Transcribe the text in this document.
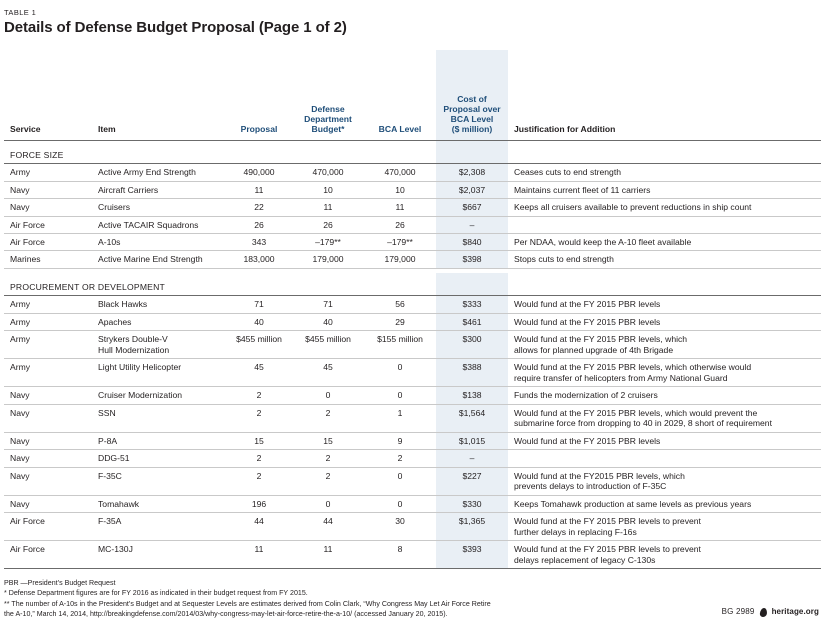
TABLE 1
Details of Defense Budget Proposal (Page 1 of 2)

Service	Item	Proposal	Defense
Department
Budget*	BCA Level	Cost of
Proposal over
BCA Level
($ million)	Justification for Addition
FORCE SIZE						
Army	Active Army End Strength	490,000	470,000	470,000	$2,308	Ceases cuts to end strength
Navy	Aircraft Carriers	11	10	10	$2,037	Maintains current fleet of 11 carriers
Navy	Cruisers	22	11	11	$667	Keeps all cruisers available to prevent reductions in ship count
Air Force	Active TACAIR Squadrons	26	26	26	–	
Air Force	A-10s	343	–179**	–179**	$840	Per NDAA, would keep the A-10 fleet available
Marines	Active Marine End Strength	183,000	179,000	179,000	$398	Stops cuts to end strength

PROCUREMENT OR DEVELOPMENT						
Army	Black Hawks	71	71	56	$333	Would fund at the FY 2015 PBR levels
Army	Apaches	40	40	29	$461	Would fund at the FY 2015 PBR levels
Army	Strykers Double-V
Hull Modernization	$455 million	$455 million	$155 million	$300	Would fund at the FY 2015 PBR levels, which
allows for planned upgrade of 4th Brigade
Army	Light Utility Helicopter	45	45	0	$388	Would fund at the FY 2015 PBR levels, which otherwise would
require transfer of helicopters from Army National Guard
Navy	Cruiser Modernization	2	0	0	$138	Funds the modernization of 2 cruisers
Navy	SSN	2	2	1	$1,564	Would fund at the FY 2015 PBR levels, which would prevent the
submarine force from dropping to 40 in 2029, 8 short of requirement
Navy	P-8A	15	15	9	$1,015	Would fund at the FY 2015 PBR levels
Navy	DDG-51	2	2	2	–	
Navy	F-35C	2	2	0	$227	Would fund at the FY2015 PBR levels, which
prevents delays to introduction of F-35C
Navy	Tomahawk	196	0	0	$330	Keeps Tomahawk production at same levels as previous years
Air Force	F-35A	44	44	30	$1,365	Would fund at the FY 2015 PBR levels to prevent
further delays in replacing F-16s
Air Force	MC-130J	11	11	8	$393	Would fund at the FY 2015 PBR levels to prevent
delays replacement of legacy C-130s
PBR —President’s Budget Request
* Defense Department figures are for FY 2016 as indicated in their budget request from FY 2015.
** The number of A-10s in the President’s Budget and at Sequester Levels are estimates derived from Colin Clark, “Why Congress May Let Air Force Retire
the A-10,” March 14, 2014, http://breakingdefense.com/2014/03/why-congress-may-let-air-force-retire-the-a-10/ (accessed January 20, 2015).	BG 2989 heritage.org
